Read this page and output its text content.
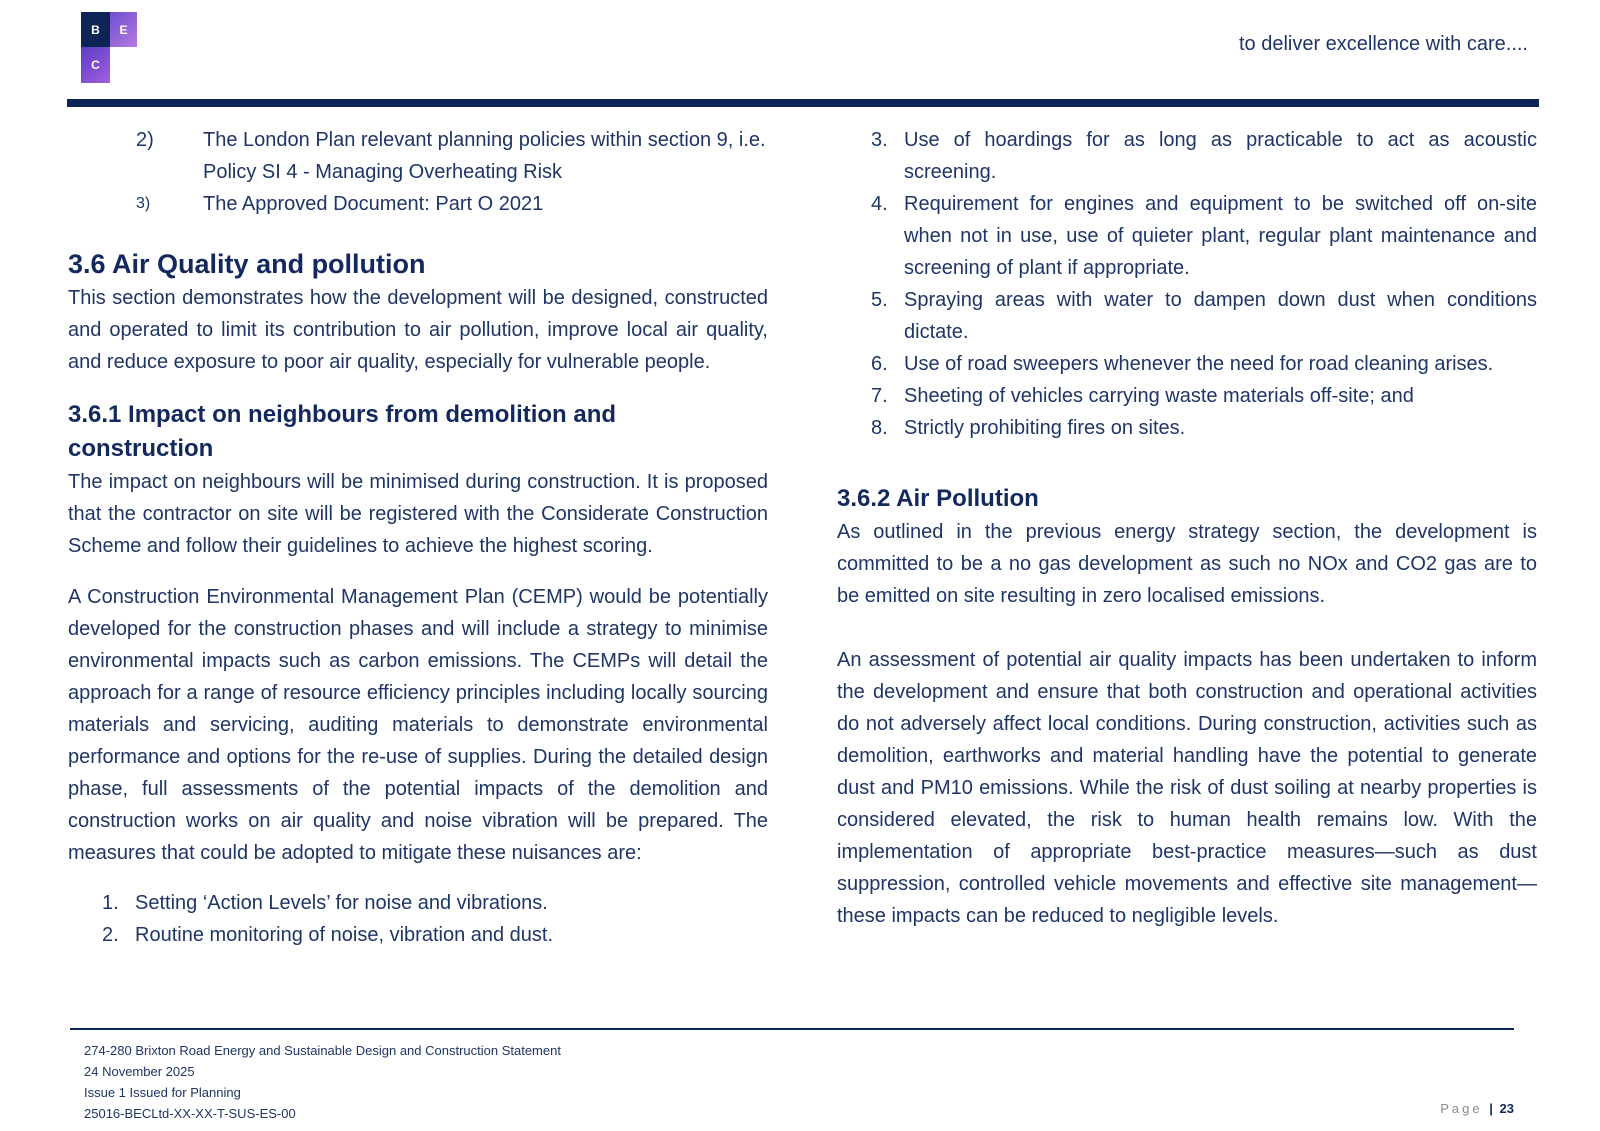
B	E
C
to deliver excellence with care....
2)	The London Plan relevant planning policies within section 9, i.e. Policy SI 4 - Managing Overheating Risk
3)	The Approved Document: Part O 2021
3.6 Air Quality and pollution

This section demonstrates how the development will be designed, constructed and operated to limit its contribution to air pollution, improve local air quality, and reduce exposure to poor air quality, especially for vulnerable people.

3.6.1 Impact on neighbours from demolition and construction

The impact on neighbours will be minimised during construction. It is proposed that the contractor on site will be registered with the Considerate Construction Scheme and follow their guidelines to achieve the highest scoring.

A Construction Environmental Management Plan (CEMP) would be potentially developed for the construction phases and will include a strategy to minimise environmental impacts such as carbon emissions. The CEMPs will detail the approach for a range of resource efficiency principles including locally sourcing materials and servicing, auditing materials to demonstrate environmental performance and options for the re-use of supplies. During the detailed design phase, full assessments of the potential impacts of the demolition and construction works on air quality and noise vibration will be prepared. The measures that could be adopted to mitigate these nuisances are:

1. Setting ‘Action Levels’ for noise and vibrations.
2. Routine monitoring of noise, vibration and dust.
3. Use of hoardings for as long as practicable to act as acoustic screening.
4. Requirement for engines and equipment to be switched off on-site when not in use, use of quieter plant, regular plant maintenance and screening of plant if appropriate.
5. Spraying areas with water to dampen down dust when conditions dictate.
6. Use of road sweepers whenever the need for road cleaning arises.
7. Sheeting of vehicles carrying waste materials off-site; and
8. Strictly prohibiting fires on sites.
3.6.2 Air Pollution

As outlined in the previous energy strategy section, the development is committed to be a no gas development as such no NOx and CO2 gas are to be emitted on site resulting in zero localised emissions.

An assessment of potential air quality impacts has been undertaken to inform the development and ensure that both construction and operational activities do not adversely affect local conditions. During construction, activities such as demolition, earthworks and material handling have the potential to generate dust and PM10 emissions. While the risk of dust soiling at nearby properties is considered elevated, the risk to human health remains low. With the implementation of appropriate best-practice measures—such as dust suppression, controlled vehicle movements and effective site management—these impacts can be reduced to negligible levels.

274-280 Brixton Road Energy and Sustainable Design and Construction Statement
24 November 2025
Issue 1 Issued for Planning
25016-BECLtd-XX-XX-T-SUS-ES-00	Page | 23
